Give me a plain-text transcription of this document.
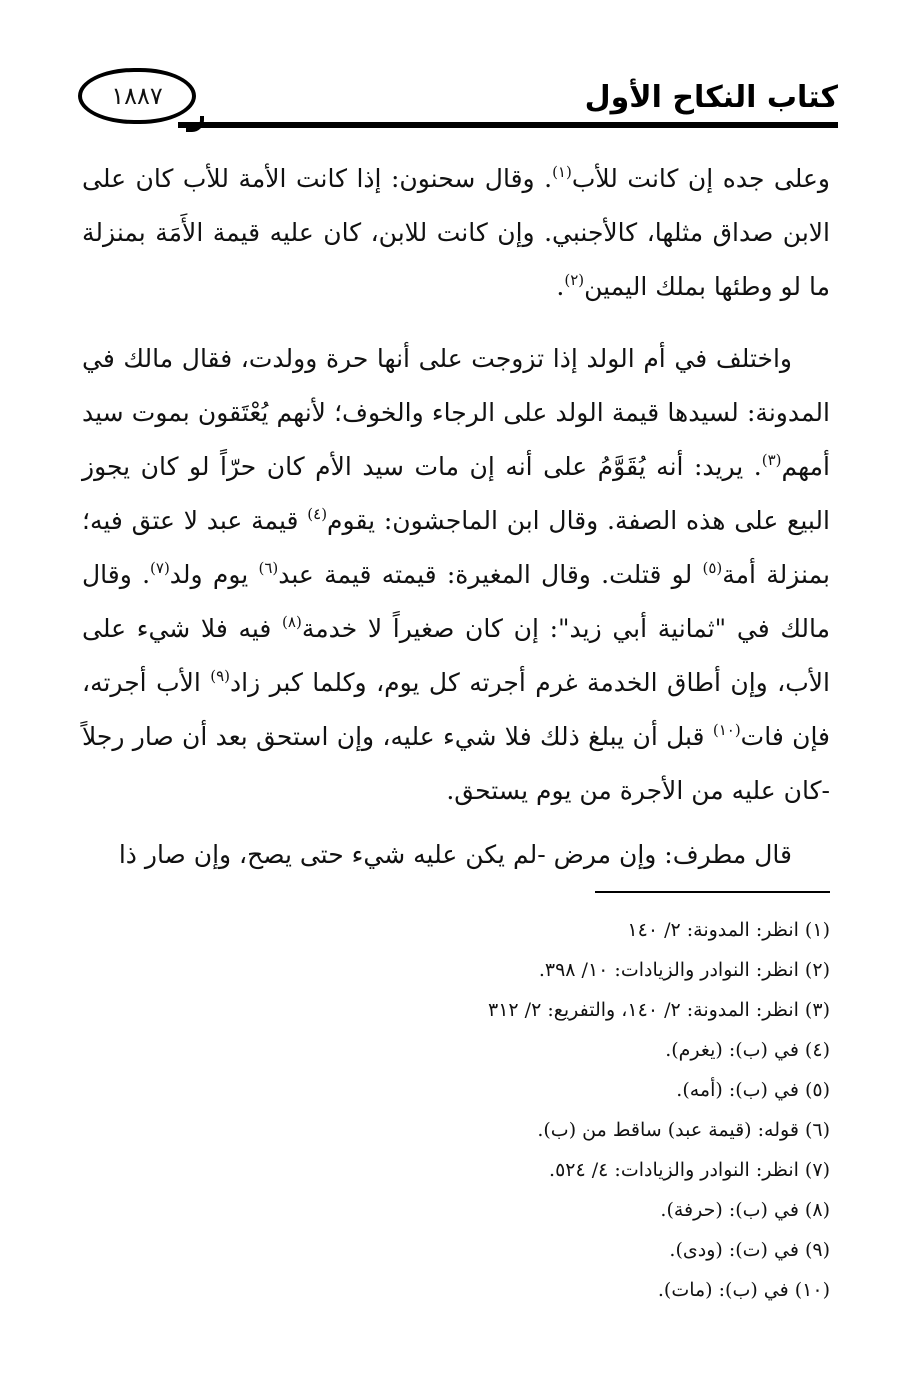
كتاب النكاح الأول
١٨٨٧

وعلى جده إن كانت للأب$^{(١)}$. وقال سحنون: إذا كانت الأمة للأب كان على الابن صداق مثلها، كالأجنبي. وإن كانت للابن، كان عليه قيمة الأَمَة بمنزلة ما لو وطئها بملك اليمين$^{(٢)}$.

واختلف في أم الولد إذا تزوجت على أنها حرة وولدت، فقال مالك في المدونة: لسيدها قيمة الولد على الرجاء والخوف؛ لأنهم يُعْتَقون بموت سيد أمهم$^{(٣)}$. يريد: أنه يُقَوَّمُ على أنه إن مات سيد الأم كان حرّاً لو كان يجوز البيع على هذه الصفة. وقال ابن الماجشون: يقوم$^{(٤)}$ قيمة عبد لا عتق فيه؛ بمنزلة أمة$^{(٥)}$ لو قتلت. وقال المغيرة: قيمته قيمة عبد$^{(٦)}$ يوم ولد$^{(٧)}$. وقال مالك في "ثمانية أبي زيد": إن كان صغيراً لا خدمة$^{(٨)}$ فيه فلا شيء على الأب، وإن أطاق الخدمة غرم أجرته كل يوم، وكلما كبر زاد$^{(٩)}$ الأب أجرته، فإن فات$^{(١٠)}$ قبل أن يبلغ ذلك فلا شيء عليه، وإن استحق بعد أن صار رجلاً -كان عليه من الأجرة من يوم يستحق.

قال مطرف: وإن مرض -لم يكن عليه شيء حتى يصح، وإن صار ذا

(١) انظر: المدونة: ٢/ ١٤٠
(٢) انظر: النوادر والزيادات: ١٠/ ٣٩٨.
(٣) انظر: المدونة: ٢/ ١٤٠، والتفريع: ٢/ ٣١٢
(٤) في (ب): (يغرم).
(٥) في (ب): (أمه).
(٦) قوله: (قيمة عبد) ساقط من (ب).
(٧) انظر: النوادر والزيادات: ٤/ ٥٢٤.
(٨) في (ب): (حرفة).
(٩) في (ت): (ودى).
(١٠) في (ب): (مات).
